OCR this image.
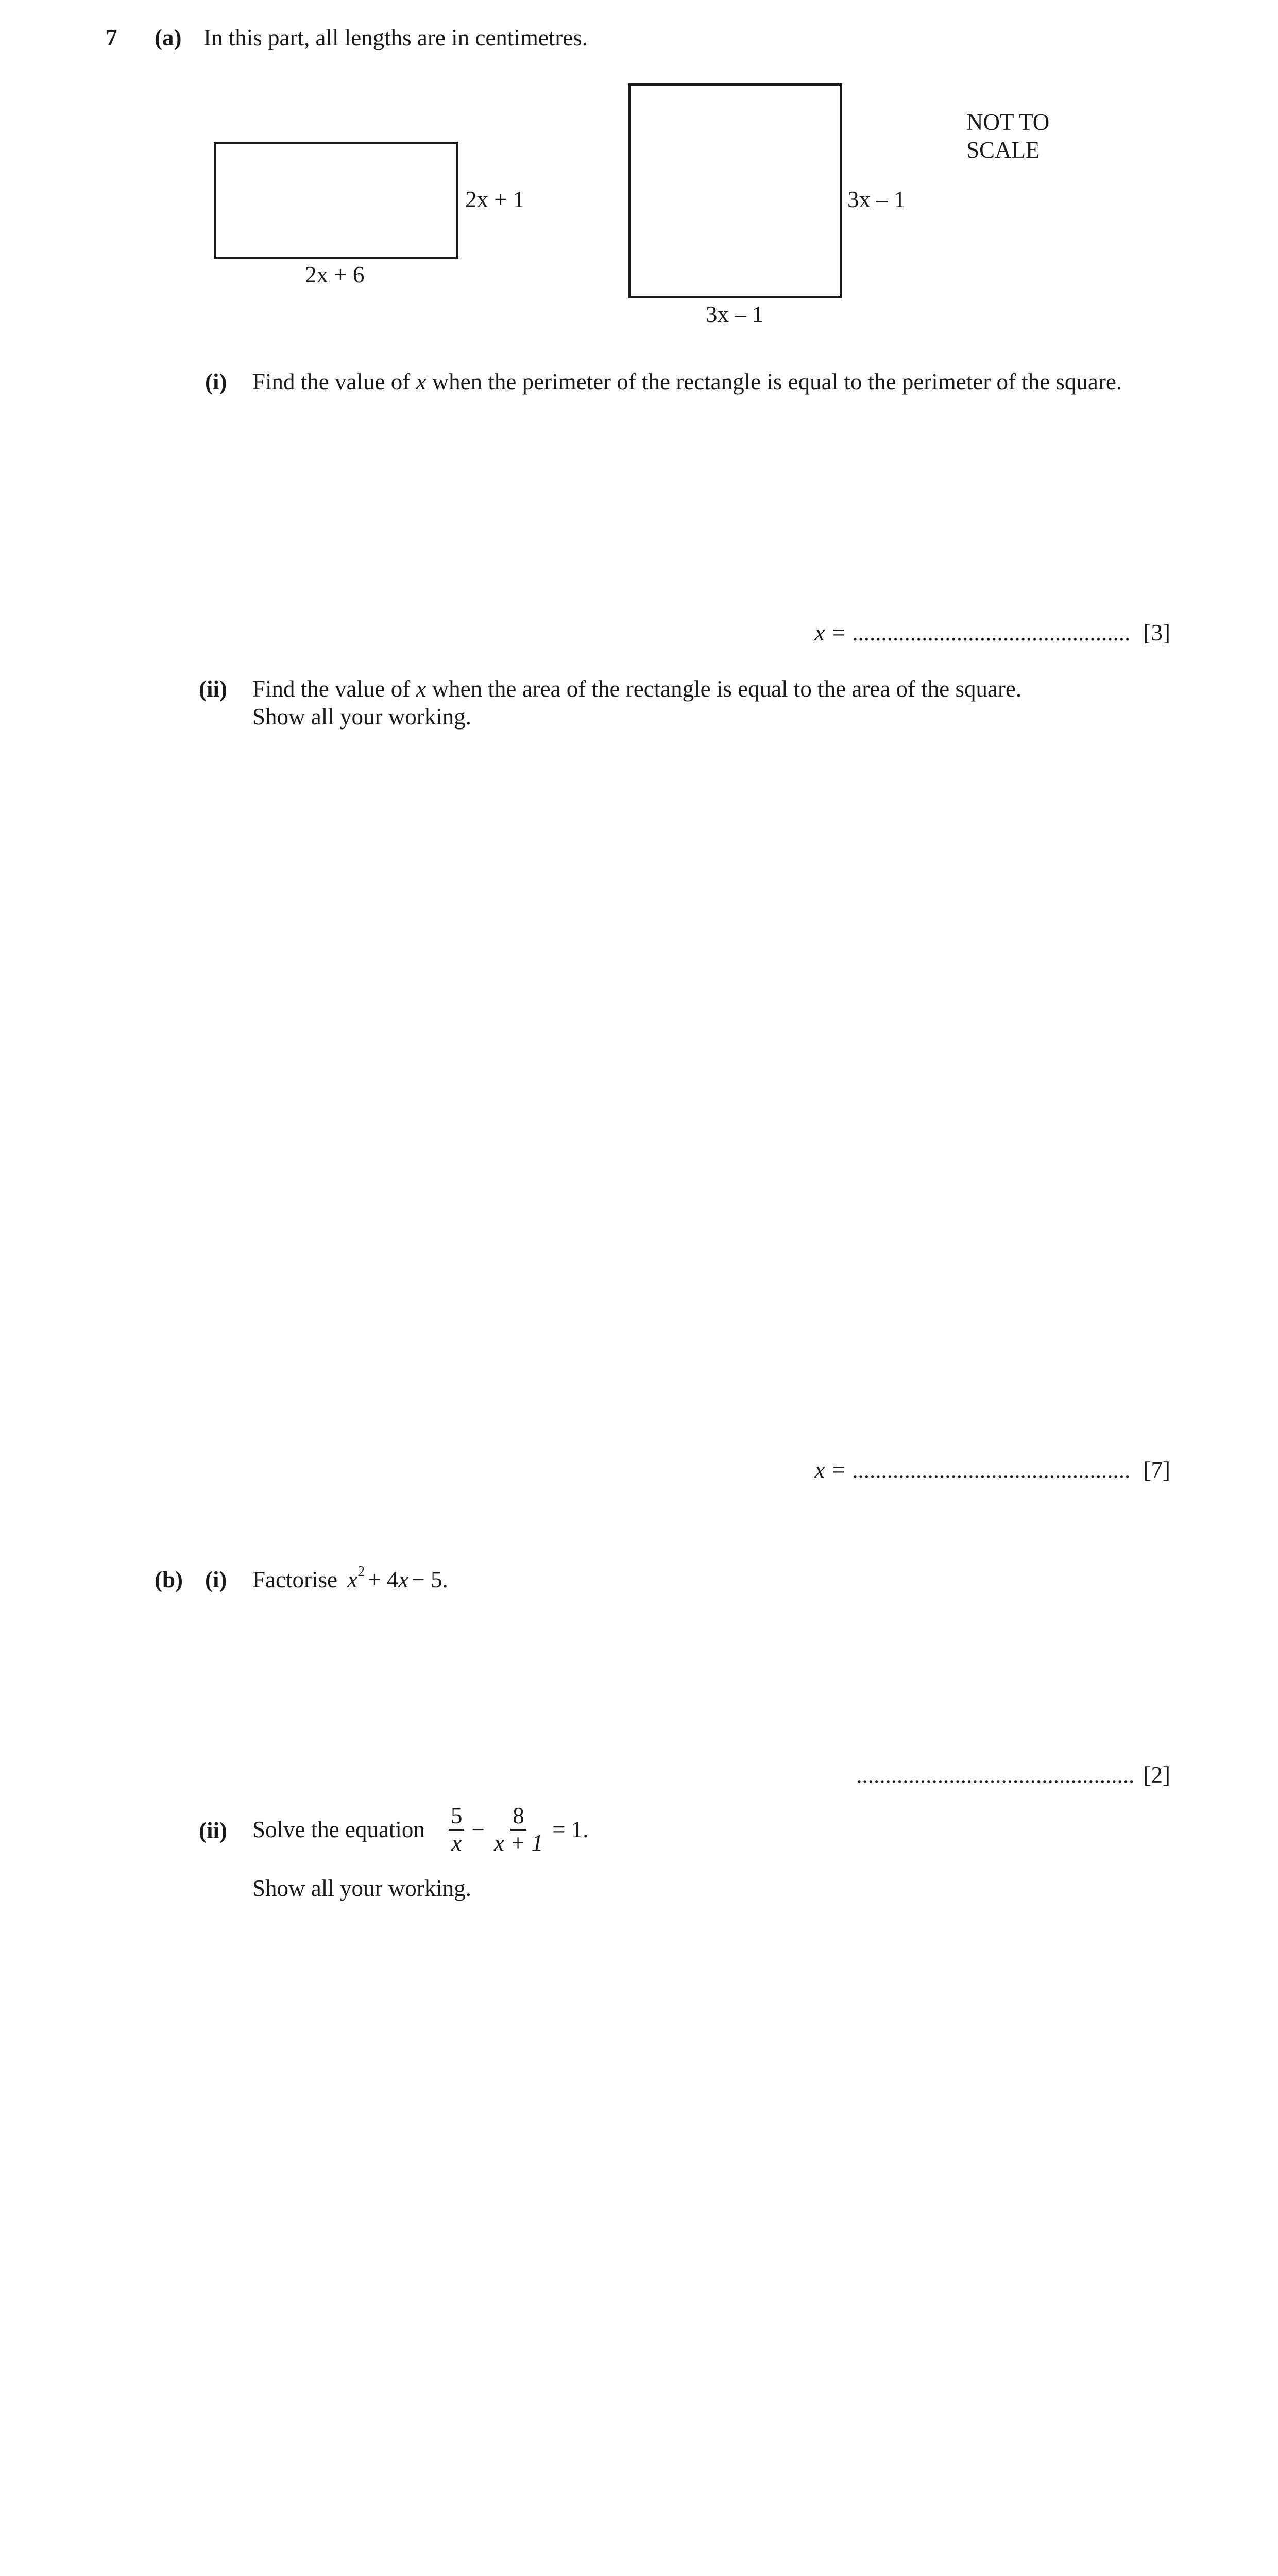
7 (a) In this part, all lengths are in centimetres.
2x + 1
2x + 6
3x – 1
3x – 1
NOT TO
SCALE
(i) Find the value of x when the perimeter of the rectangle is equal to the perimeter of the square.
x = ................................................ [3]
(ii) Find the value of x when the area of the rectangle is equal to the area of the square.
Show all your working.
x = ................................................ [7]
(b) (i) Factorise $x^2 + 4x - 5$.
................................................ [2]
(ii) Solve the equation $\frac{5}{x} - \frac{8}{x + 1} = 1$.
Show all your working.
